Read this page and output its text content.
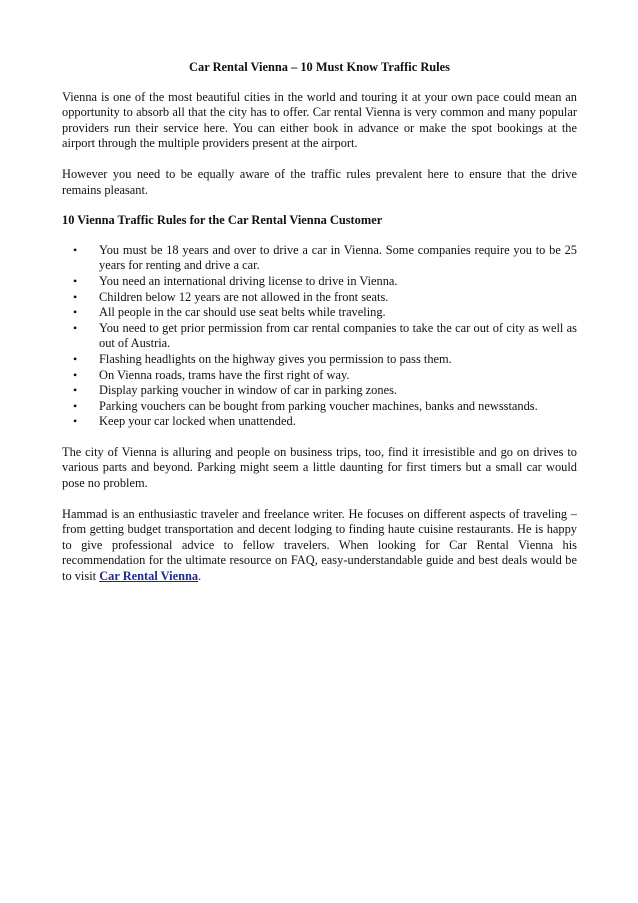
Car Rental Vienna – 10 Must Know Traffic Rules

Vienna is one of the most beautiful cities in the world and touring it at your own pace could mean an opportunity to absorb all that the city has to offer. Car rental Vienna is very common and many popular providers run their service here. You can either book in advance or make the spot bookings at the airport through the multiple providers present at the airport.

However you need to be equally aware of the traffic rules prevalent here to ensure that the drive remains pleasant.

10 Vienna Traffic Rules for the Car Rental Vienna Customer
• You must be 18 years and over to drive a car in Vienna. Some companies require you to be 25 years for renting and drive a car.
• You need an international driving license to drive in Vienna.
• Children below 12 years are not allowed in the front seats.
• All people in the car should use seat belts while traveling.
• You need to get prior permission from car rental companies to take the car out of city as well as out of Austria.
• Flashing headlights on the highway gives you permission to pass them.
• On Vienna roads, trams have the first right of way.
• Display parking voucher in window of car in parking zones.
• Parking vouchers can be bought from parking voucher machines, banks and newsstands.
• Keep your car locked when unattended.

The city of Vienna is alluring and people on business trips, too, find it irresistible and go on drives to various parts and beyond. Parking might seem a little daunting for first timers but a small car would pose no problem.

Hammad is an enthusiastic traveler and freelance writer. He focuses on different aspects of traveling – from getting budget transportation and decent lodging to finding haute cuisine restaurants. He is happy to give professional advice to fellow travelers. When looking for Car Rental Vienna his recommendation for the ultimate resource on FAQ, easy-understandable guide and best deals would be to visit Car Rental Vienna.
